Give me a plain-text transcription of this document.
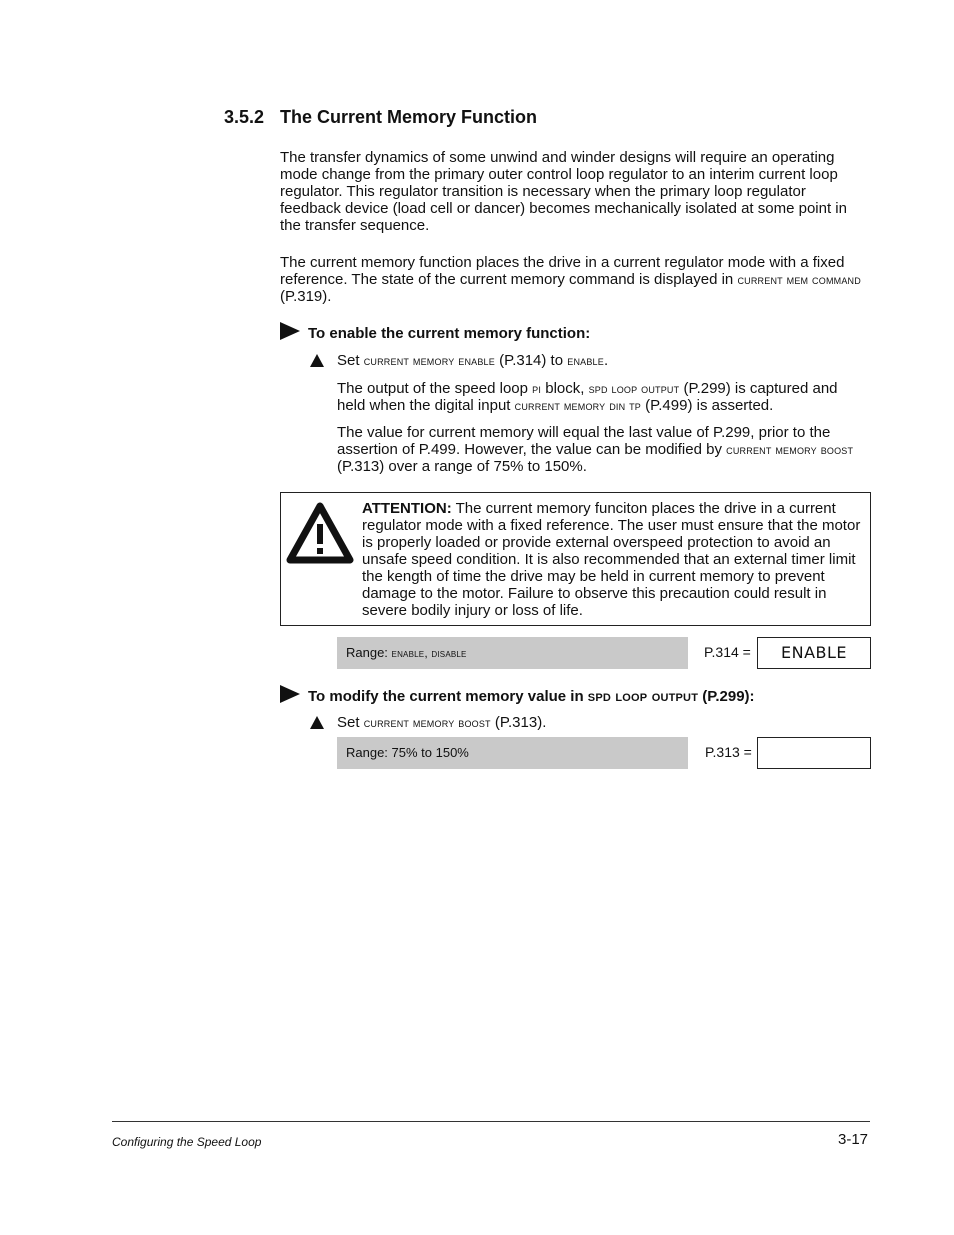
3.5.2 The Current Memory Function
The transfer dynamics of some unwind and winder designs will require an operating mode change from the primary outer control loop regulator to an interim current loop regulator. This regulator transition is necessary when the primary loop regulator feedback device (load cell or dancer) becomes mechanically isolated at some point in the transfer sequence.
The current memory function places the drive in a current regulator mode with a fixed reference. The state of the current memory command is displayed in current mem command (P.319).
To enable the current memory function:
Set current memory enable (P.314) to enable.
The output of the speed loop pi block, spd loop output (P.299) is captured and held when the digital input current memory din tp (P.499) is asserted.
The value for current memory will equal the last value of P.299, prior to the assertion of P.499. However, the value can be modified by current memory boost (P.313) over a range of 75% to 150%.
ATTENTION: The current memory funciton places the drive in a current regulator mode with a fixed reference. The user must ensure that the motor is properly loaded or provide external overspeed protection to avoid an unsafe speed condition. It is also recommended that an external timer limit the kength of time the drive may be held in current memory to prevent damage to the motor. Failure to observe this precaution could result in severe bodily injury or loss of life.
Range: enable, disable	P.314 =	ENABLE
To modify the current memory value in spd loop output (P.299):
Set current memory boost (P.313).
Range: 75% to 150%	P.313 =
Configuring the Speed Loop	3-17
